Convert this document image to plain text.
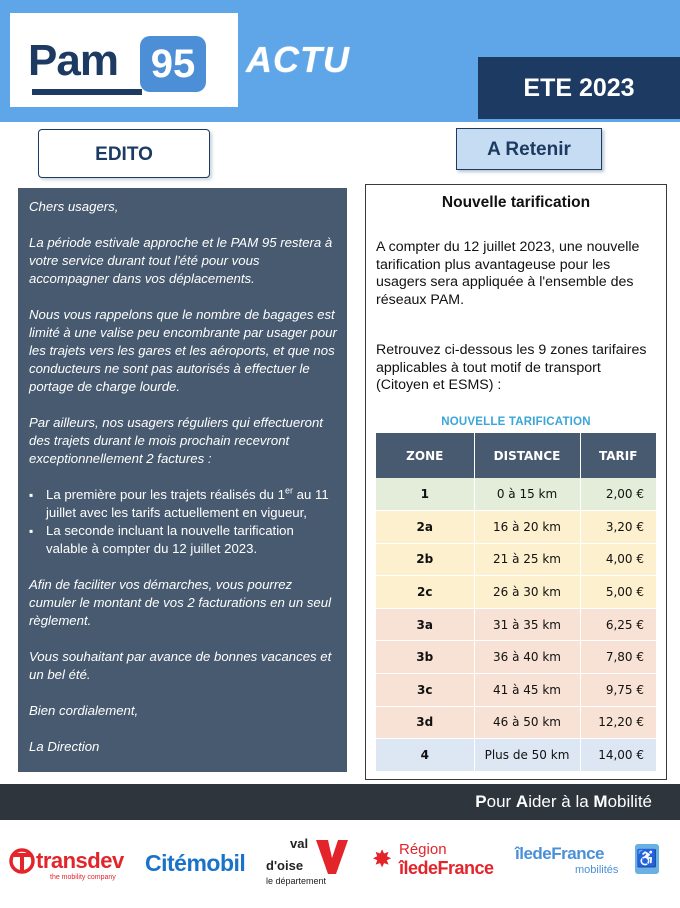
Pam 95 ACTU
ETE 2023
EDITO	A Retenir

Chers usagers,

La période estivale approche et le PAM 95 restera à votre service durant tout l'été pour vous accompagner dans vos déplacements.

Nous vous rappelons que le nombre de bagages est limité à une valise peu encombrante par usager pour les trajets vers les gares et les aéroports, et que nos conducteurs ne sont pas autorisés à effectuer le portage de charge lourde.

Par ailleurs, nos usagers réguliers qui effectueront des trajets durant le mois prochain recevront exceptionnellement 2 factures :

▪ La première pour les trajets réalisés du 1er au 11 juillet avec les tarifs actuellement en vigueur,
▪ La seconde incluant la nouvelle tarification valable à compter du 12 juillet 2023.

Afin de faciliter vos démarches, vous pourrez cumuler le montant de vos 2 facturations en un seul règlement.

Vous souhaitant par avance de bonnes vacances et un bel été.

Bien cordialement,

La Direction

Nouvelle tarification
A compter du 12 juillet 2023, une nouvelle tarification plus avantageuse pour les usagers sera appliquée à l'ensemble des réseaux PAM.
Retrouvez ci-dessous les 9 zones tarifaires applicables à tout motif de transport (Citoyen et ESMS) :
NOUVELLE TARIFICATION
ZONE	DISTANCE	TARIF
1	0 à 15 km	2,00 €
2a	16 à 20 km	3,20 €
2b	21 à 25 km	4,00 €
2c	26 à 30 km	5,00 €
3a	31 à 35 km	6,25 €
3b	36 à 40 km	7,80 €
3c	41 à 45 km	9,75 €
3d	46 à 50 km	12,20 €
4	Plus de 50 km	14,00 €
Pour Aider à la Mobilité
transdev
the mobility company
Citémobil
val
d'oise
le département
✸ Région
îledeFrance
îledeFrance
mobilités
♿
